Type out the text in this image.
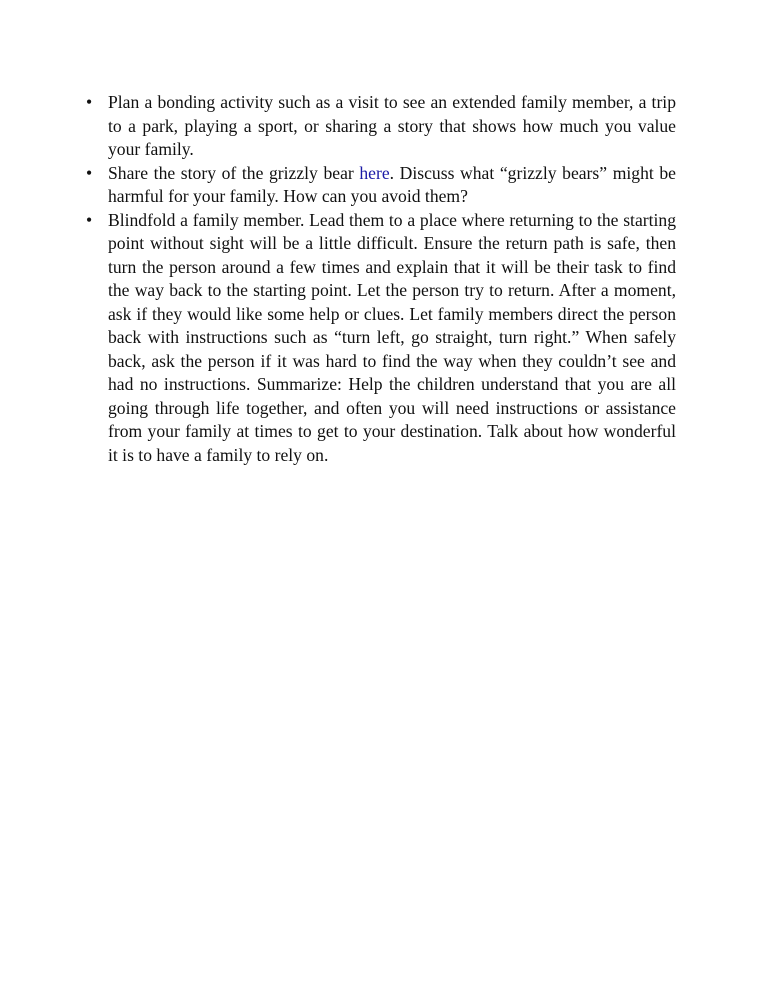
• Plan a bonding activity such as a visit to see an extended family member, a trip to a park, playing a sport, or sharing a story that shows how much you value your family.
• Share the story of the grizzly bear here. Discuss what “grizzly bears” might be harmful for your family. How can you avoid them?
• Blindfold a family member. Lead them to a place where returning to the starting point without sight will be a little difficult. Ensure the return path is safe, then turn the person around a few times and explain that it will be their task to find the way back to the starting point. Let the person try to return. After a moment, ask if they would like some help or clues. Let family members direct the person back with instructions such as “turn left, go straight, turn right.” When safely back, ask the person if it was hard to find the way when they couldn’t see and had no instructions. Summarize: Help the children understand that you are all going through life together, and often you will need instructions or assistance from your family at times to get to your destination. Talk about how wonderful it is to have a family to rely on.
